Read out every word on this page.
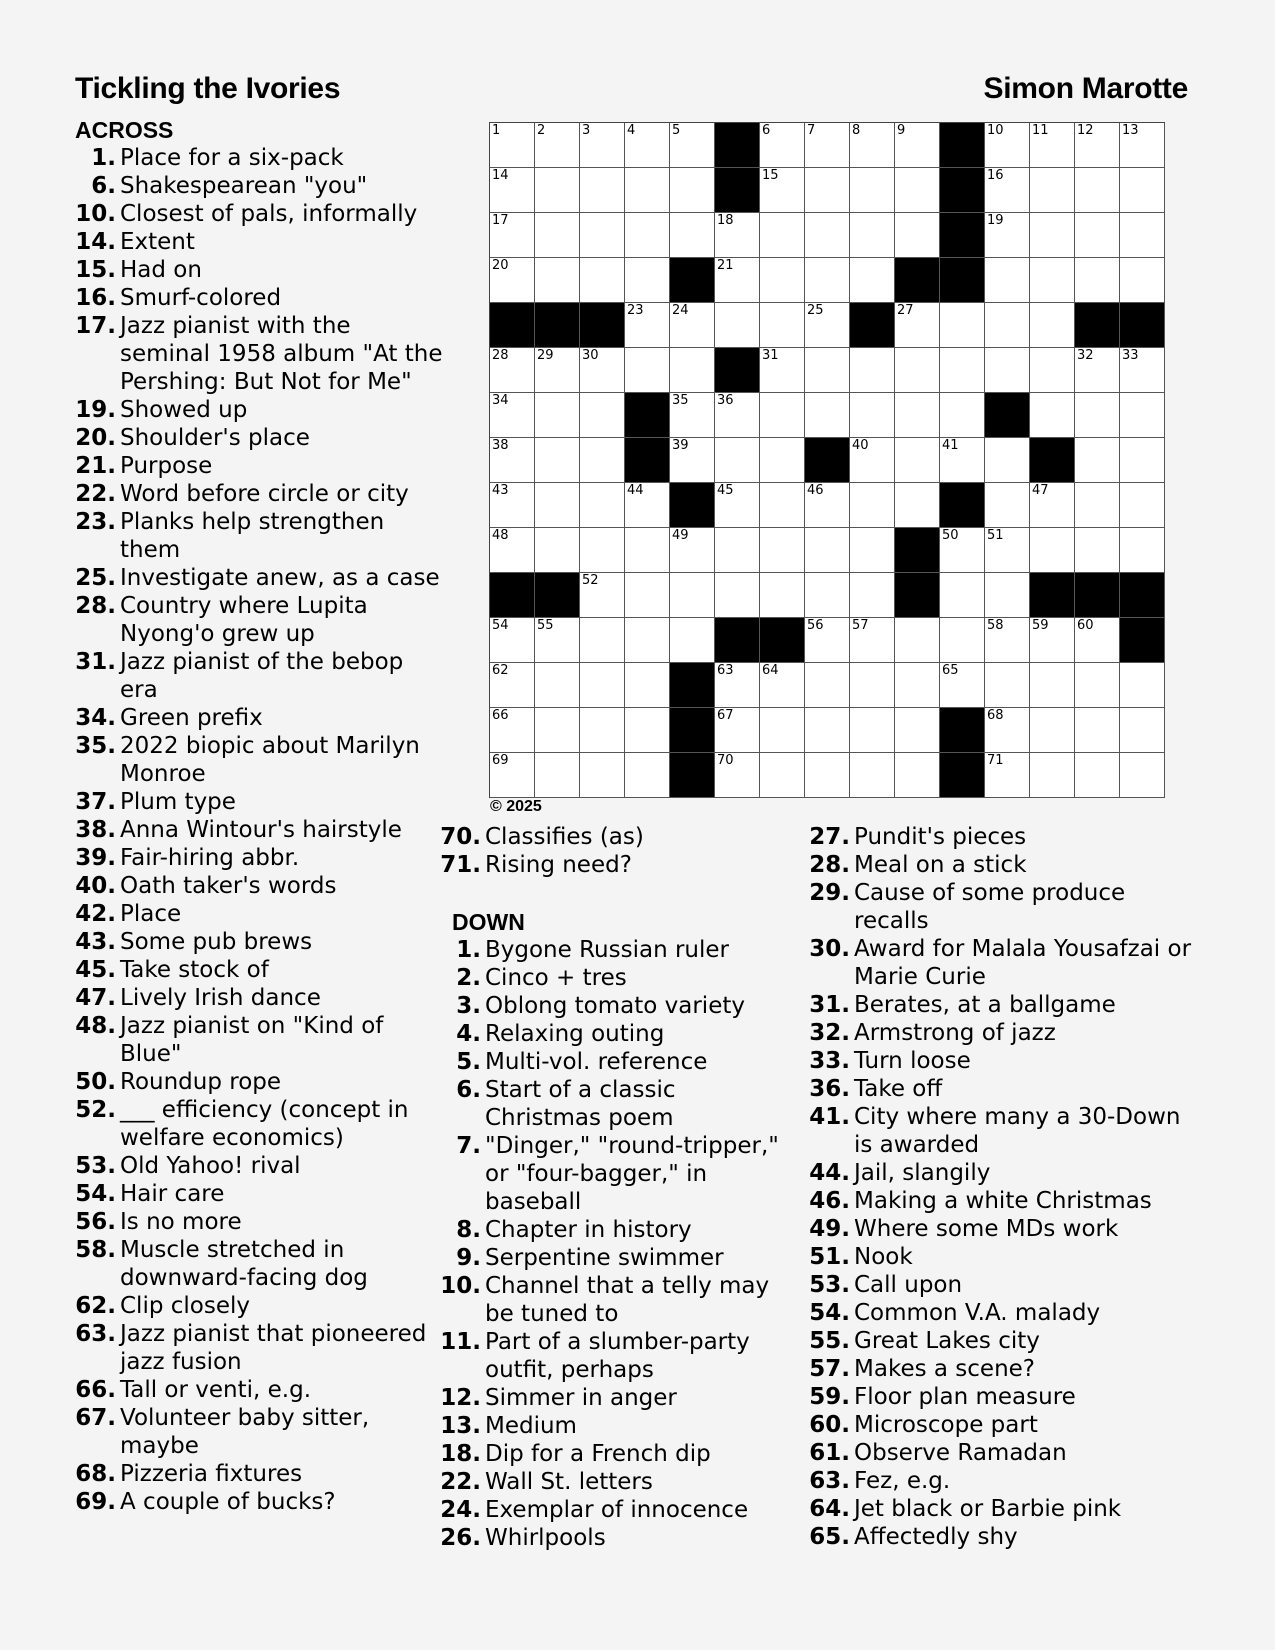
Tickling the Ivories	Simon Marotte
ACROSS
1. Place for a six-pack
6. Shakespearean "you"
10. Closest of pals, informally
14. Extent
15. Had on
16. Smurf-colored
17. Jazz pianist with the seminal 1958 album "At the Pershing: But Not for Me"
19. Showed up
20. Shoulder's place
21. Purpose
22. Word before circle or city
23. Planks help strengthen them
25. Investigate anew, as a case
28. Country where Lupita Nyong'o grew up
31. Jazz pianist of the bebop era
34. Green prefix
35. 2022 biopic about Marilyn Monroe
37. Plum type
38. Anna Wintour's hairstyle
39. Fair-hiring abbr.
40. Oath taker's words
42. Place
43. Some pub brews
45. Take stock of
47. Lively Irish dance
48. Jazz pianist on "Kind of Blue"
50. Roundup rope
52. ___ efficiency (concept in welfare economics)
53. Old Yahoo! rival
54. Hair care
56. Is no more
58. Muscle stretched in downward-facing dog
62. Clip closely
63. Jazz pianist that pioneered jazz fusion
66. Tall or venti, e.g.
67. Volunteer baby sitter, maybe
68. Pizzeria fixtures
69. A couple of bucks?
1	2	3	4	5	6	7	8	9	10 11 12 13
14	15	16
17	18	19
20	21
23 24	25	27
28 29 30	31	32 33
34	35 36
38	39	40	41
43	44	45	46	47
48	49	50 51
52
54 55	56 57	58 59 60
62	63 64	65
66	67	68
69	70	71
© 2025
70. Classifies (as)
71. Rising need?
DOWN
1. Bygone Russian ruler
2. Cinco + tres
3. Oblong tomato variety
4. Relaxing outing
5. Multi-vol. reference
6. Start of a classic Christmas poem
7. "Dinger," "round-tripper," or "four-bagger," in baseball
8. Chapter in history
9. Serpentine swimmer
10. Channel that a telly may be tuned to
11. Part of a slumber-party outfit, perhaps
12. Simmer in anger
13. Medium
18. Dip for a French dip
22. Wall St. letters
24. Exemplar of innocence
26. Whirlpools
27. Pundit's pieces
28. Meal on a stick
29. Cause of some produce recalls
30. Award for Malala Yousafzai or Marie Curie
31. Berates, at a ballgame
32. Armstrong of jazz
33. Turn loose
36. Take off
41. City where many a 30-Down is awarded
44. Jail, slangily
46. Making a white Christmas
49. Where some MDs work
51. Nook
53. Call upon
54. Common V.A. malady
55. Great Lakes city
57. Makes a scene?
59. Floor plan measure
60. Microscope part
61. Observe Ramadan
63. Fez, e.g.
64. Jet black or Barbie pink
65. Affectedly shy
